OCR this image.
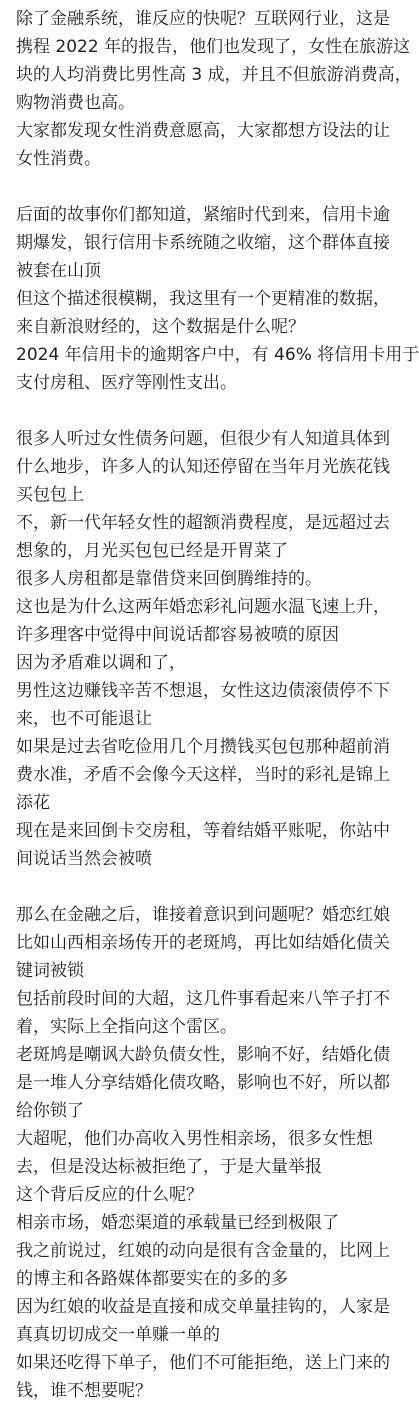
除了金融系统，谁反应的快呢？互联网行业，这是
携程 2022 年的报告，他们也发现了，女性在旅游这
块的人均消费比男性高 3 成，并且不但旅游消费高，
购物消费也高。
大家都发现女性消费意愿高，大家都想方设法的让
女性消费。
后面的故事你们都知道，紧缩时代到来，信用卡逾
期爆发，银行信用卡系统随之收缩，这个群体直接
被套在山顶
但这个描述很模糊，我这里有一个更精准的数据，
来自新浪财经的，这个数据是什么呢？
2024 年信用卡的逾期客户中，有 46% 将信用卡用于
支付房租、医疗等刚性支出。
很多人听过女性债务问题，但很少有人知道具体到
什么地步，许多人的认知还停留在当年月光族花钱
买包包上
不，新一代年轻女性的超额消费程度，是远超过去
想象的，月光买包包已经是开胃菜了
很多人房租都是靠借贷来回倒腾维持的。
这也是为什么这两年婚恋彩礼问题水温飞速上升，
许多理客中觉得中间说话都容易被喷的原因
因为矛盾难以调和了，
男性这边赚钱辛苦不想退，女性这边债滚债停不下
来，也不可能退让
如果是过去省吃俭用几个月攒钱买包包那种超前消
费水准，矛盾不会像今天这样，当时的彩礼是锦上
添花
现在是来回倒卡交房租，等着结婚平账呢，你站中
间说话当然会被喷
那么在金融之后，谁接着意识到问题呢？婚恋红娘
比如山西相亲场传开的老斑鸠，再比如结婚化债关
键词被锁
包括前段时间的大超，这几件事看起来八竿子打不
着，实际上全指向这个雷区。
老斑鸠是嘲讽大龄负债女性，影响不好，结婚化债
是一堆人分享结婚化债攻略，影响也不好，所以都
给你锁了
大超呢，他们办高收入男性相亲场，很多女性想
去，但是没达标被拒绝了，于是大量举报
这个背后反应的什么呢？
相亲市场，婚恋渠道的承载量已经到极限了
我之前说过，红娘的动向是很有含金量的，比网上
的博主和各路媒体都要实在的多的多
因为红娘的收益是直接和成交单量挂钩的，人家是
真真切切成交一单赚一单的
如果还吃得下单子，他们不可能拒绝，送上门来的
钱，谁不想要呢？
